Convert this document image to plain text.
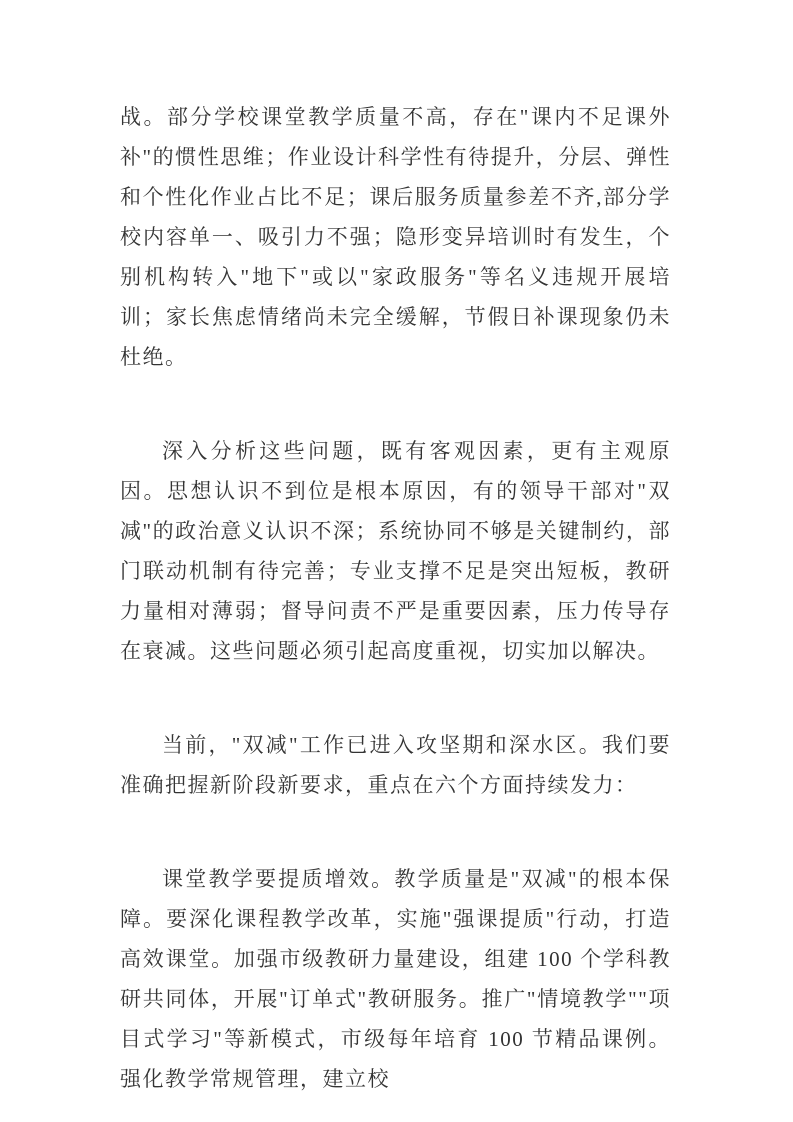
战。部分学校课堂教学质量不高，存在"课内不足课外补"的惯性思维；作业设计科学性有待提升，分层、弹性和个性化作业占比不足；课后服务质量参差不齐,部分学校内容单一、吸引力不强；隐形变异培训时有发生，个别机构转入"地下"或以"家政服务"等名义违规开展培训；家长焦虑情绪尚未完全缓解，节假日补课现象仍未杜绝。

深入分析这些问题，既有客观因素，更有主观原因。思想认识不到位是根本原因，有的领导干部对"双减"的政治意义认识不深；系统协同不够是关键制约，部门联动机制有待完善；专业支撑不足是突出短板，教研力量相对薄弱；督导问责不严是重要因素，压力传导存在衰减。这些问题必须引起高度重视，切实加以解决。

当前，"双减"工作已进入攻坚期和深水区。我们要准确把握新阶段新要求，重点在六个方面持续发力：

课堂教学要提质增效。教学质量是"双减"的根本保障。要深化课程教学改革，实施"强课提质"行动，打造高效课堂。加强市级教研力量建设，组建 100 个学科教研共同体，开展"订单式"教研服务。推广"情境教学""项目式学习"等新模式，市级每年培育 100 节精品课例。强化教学常规管理，建立校
